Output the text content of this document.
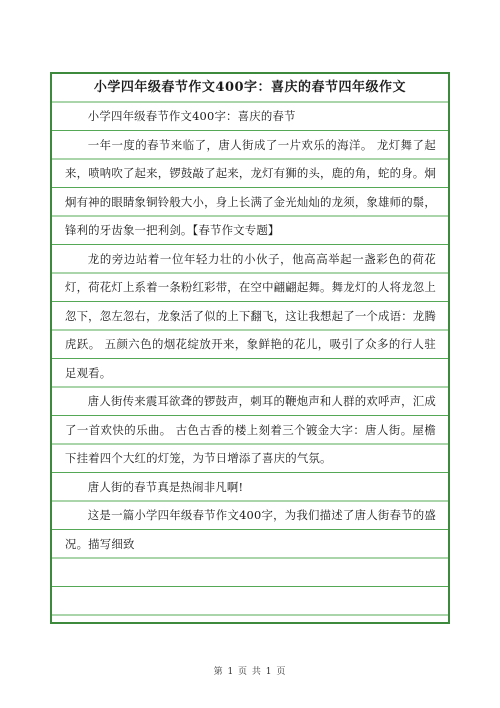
小学四年级春节作文400字：喜庆的春节四年级作文

小学四年级春节作文400字：喜庆的春节

一年一度的春节来临了，唐人街成了一片欢乐的海洋。 龙灯舞了起来，喷呐吹了起来，锣鼓敲了起来，龙灯有狮的头，鹿的角，蛇的身。炯炯有神的眼睛象铜铃般大小，身上长满了金光灿灿的龙须，象雄师的鬃，锋利的牙齿象一把利剑。【春节作文专题】

龙的旁边站着一位年轻力壮的小伙子，他高高举起一盏彩色的荷花灯，荷花灯上系着一条粉红彩带，在空中翩翩起舞。舞龙灯的人将龙忽上忽下，忽左忽右，龙象活了似的上下翻飞，这让我想起了一个成语：龙腾虎跃。 五颜六色的烟花绽放开来，象鲜艳的花儿，吸引了众多的行人驻足观看。

唐人街传来震耳欲聋的锣鼓声，刺耳的鞭炮声和人群的欢呼声，汇成了一首欢快的乐曲。 古色古香的楼上刻着三个镀金大字：唐人街。屋檐下挂着四个大红的灯笼，为节日增添了喜庆的气氛。

唐人街的春节真是热闹非凡啊!

这是一篇小学四年级春节作文400字，为我们描述了唐人街春节的盛况。描写细致

第 1 页 共 1 页
